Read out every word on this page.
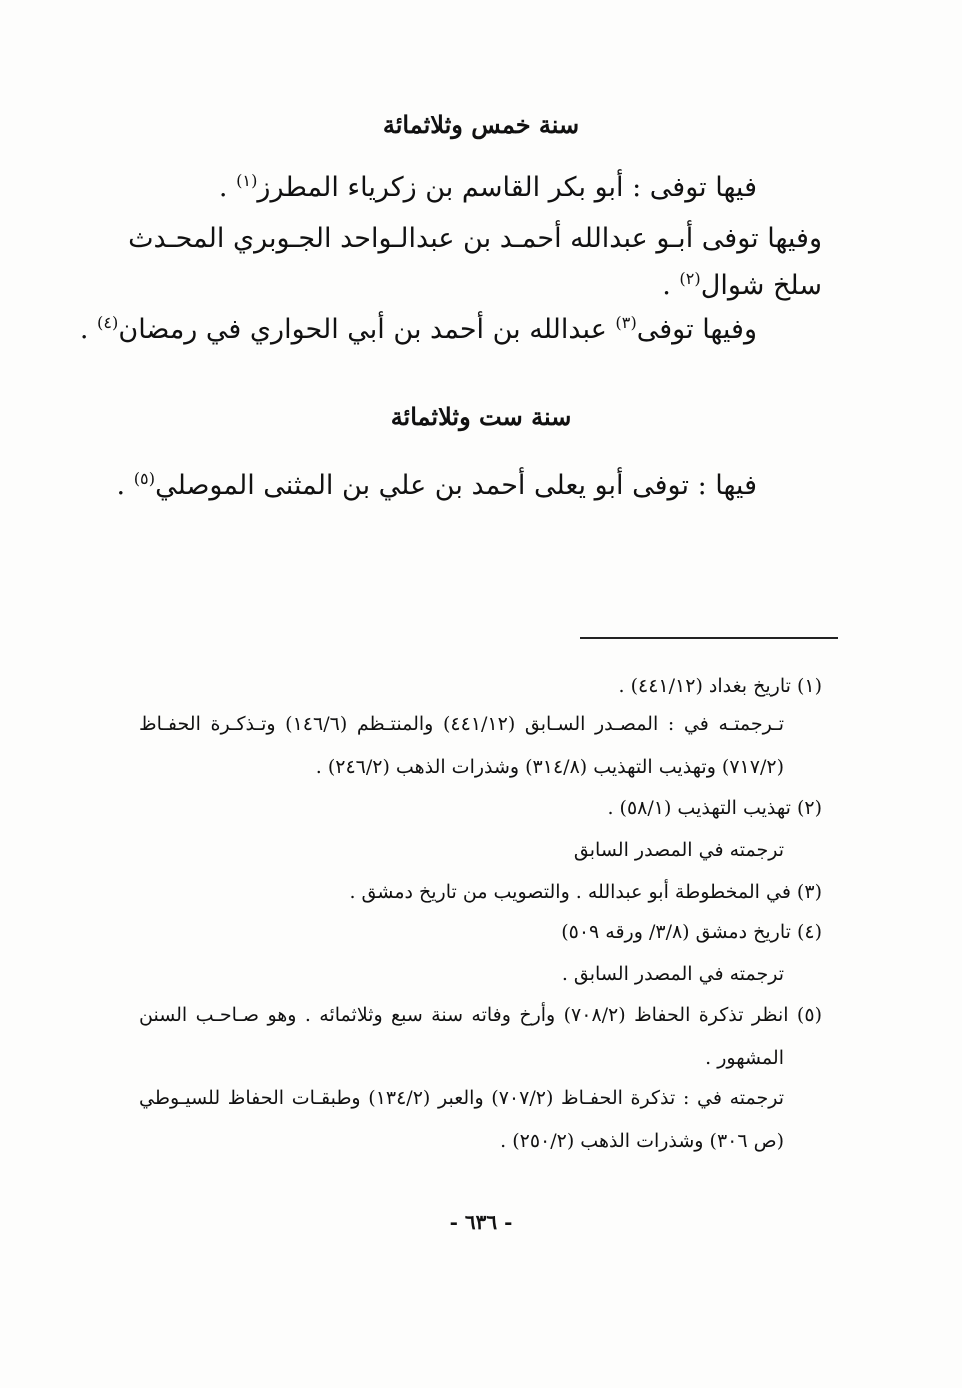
سنة خمس وثلاثمائة
فيها توفى : أبو بكر القاسم بن زكرياء المطرز$^{(١)}$ .
وفيها توفى أبـو عبدالله أحمـد بن عبدالـواحد الجـوبري المحـدث
سلخ شوال$^{(٢)}$ .
وفيها توفى$^{(٣)}$ عبدالله بن أحمد بن أبي الحواري في رمضان$^{(٤)}$ .
سنة ست وثلاثمائة
فيها : توفى أبو يعلى أحمد بن علي بن المثنى الموصلي$^{(٥)}$ .
(١) تاريخ بغداد (٤٤١/١٢) .
تـرجمتـه في : المصـدر السـابق (٤٤١/١٢) والمنتـظم (١٤٦/٦) وتـذكـرة الحفـاظ
(٧١٧/٢) وتهذيب التهذيب (٣١٤/٨) وشذرات الذهب (٢٤٦/٢) .
(٢) تهذيب التهذيب (٥٨/١) .
ترجمته في المصدر السابق
(٣) في المخطوطة أبو عبدالله . والتصويب من تاريخ دمشق .
(٤) تاريخ دمشق (٣/٨/ ورقه ٥٠٩)
ترجمته في المصدر السابق .
(٥) انظر تذكرة الحفاظ (٧٠٨/٢) وأرخ وفاته سنة سبع وثلاثمائه . وهو صـاحـب السنن
المشهور .
ترجمته في : تذكرة الحفـاظ (٧٠٧/٢) والعبر (١٣٤/٢) وطبقـات الحفاظ للسيـوطي
(ص ٣٠٦) وشذرات الذهب (٢٥٠/٢) .
- ٦٣٦ -
